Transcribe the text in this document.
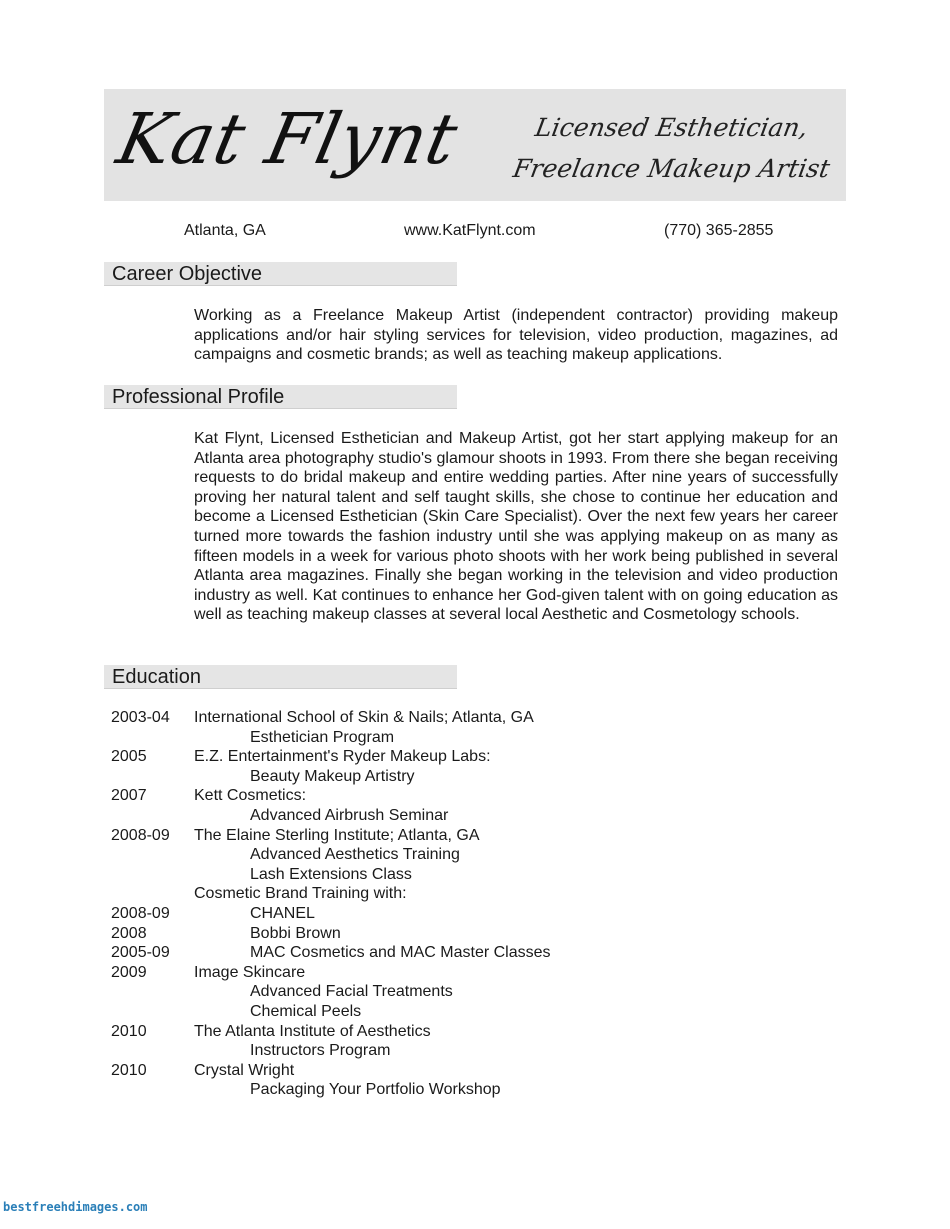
Kat Flynt	Licensed Esthetician,
Freelance Makeup Artist
Atlanta, GA	www.KatFlynt.com	(770) 365-2855
Career Objective

Working as a Freelance Makeup Artist (independent contractor) providing makeup applications and/or hair styling services for television, video production, magazines, ad campaigns and cosmetic brands; as well as teaching makeup applications.

Professional Profile

Kat Flynt, Licensed Esthetician and Makeup Artist, got her start applying makeup for an Atlanta area photography studio's glamour shoots in 1993. From there she began receiving requests to do bridal makeup and entire wedding parties. After nine years of successfully proving her natural talent and self taught skills, she chose to continue her education and become a Licensed Esthetician (Skin Care Specialist). Over the next few years her career turned more towards the fashion industry until she was applying makeup on as many as fifteen models in a week for various photo shoots with her work being published in several Atlanta area magazines. Finally she began working in the television and video production industry as well. Kat continues to enhance her God-given talent with on going education as well as teaching makeup classes at several local Aesthetic and Cosmetology schools.

Education
2003-04	International School of Skin & Nails; Atlanta, GA
Esthetician Program
2005	E.Z. Entertainment's Ryder Makeup Labs:
Beauty Makeup Artistry
2007	Kett Cosmetics:
Advanced Airbrush Seminar
2008-09	The Elaine Sterling Institute; Atlanta, GA
Advanced Aesthetics Training
Lash Extensions Class
Cosmetic Brand Training with:
2008-09	CHANEL
2008	Bobbi Brown
2005-09	MAC Cosmetics and MAC Master Classes
2009	Image Skincare
Advanced Facial Treatments
Chemical Peels
2010	The Atlanta Institute of Aesthetics
Instructors Program
2010	Crystal Wright
Packaging Your Portfolio Workshop
bestfreehdimages.com
